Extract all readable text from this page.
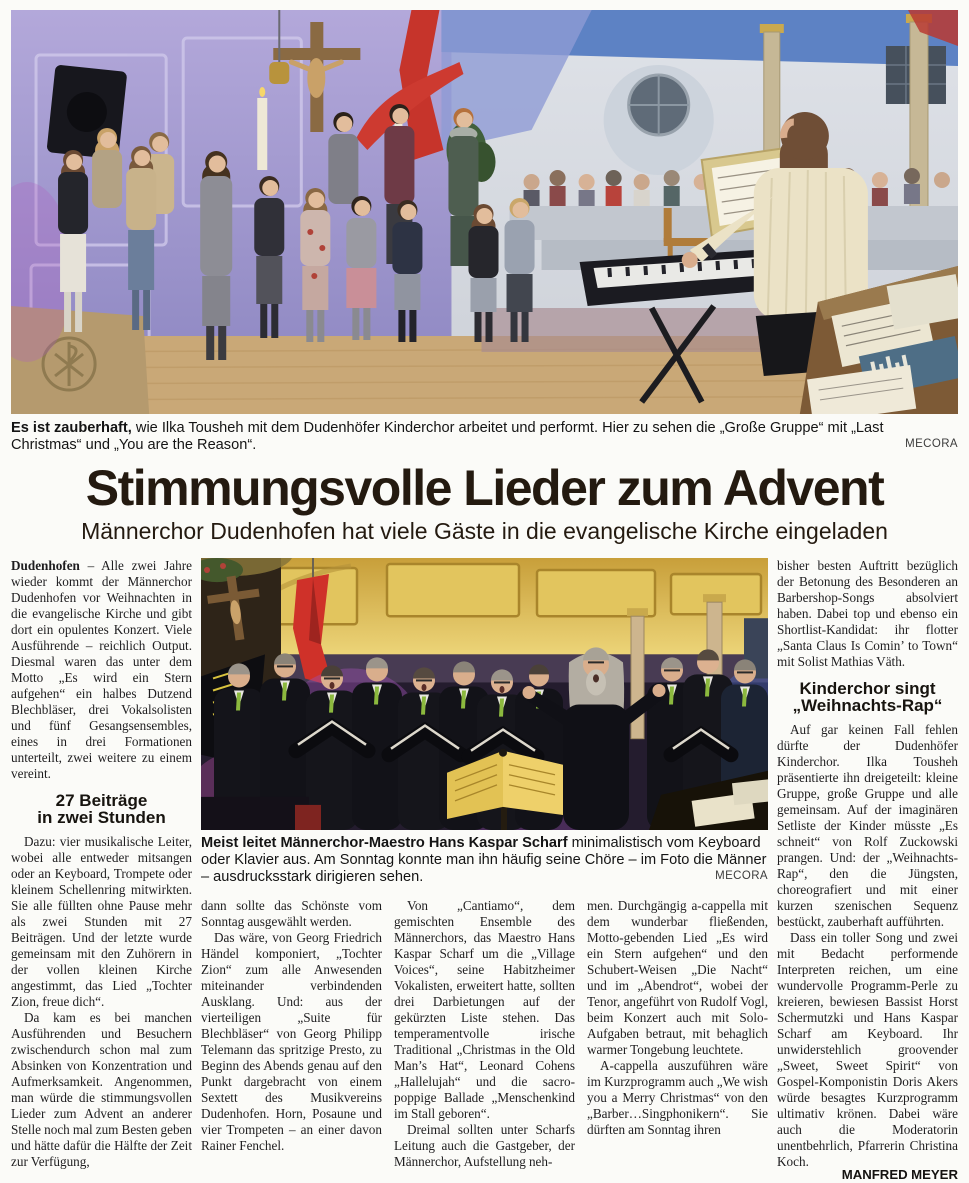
Es ist zauberhaft, wie Ilka Tousheh mit dem Dudenhöfer Kinderchor arbeitet und performt. Hier zu sehen die „Große Gruppe“ mit „Last Christmas“ und „You are the Reason“.	MECORA
Stimmungsvolle Lieder zum Advent
Männerchor Dudenhofen hat viele Gäste in die evangelische Kirche eingeladen

Dudenhofen – Alle zwei Jahre wieder kommt der Männerchor Dudenhofen vor Weihnachten in die evangelische Kirche und gibt dort ein opulentes Konzert. Viele Ausführende – reichlich Output. Diesmal waren das unter dem Motto „Es wird ein Stern aufgehen“ ein halbes Dutzend Blechbläser, drei Vokalsolisten und fünf Gesangsensembles, eines in drei Formationen unterteilt, zwei weitere zu einem vereint.

27 Beiträge
in zwei Stunden

Dazu: vier musikalische Leiter, wobei alle entweder mitsangen oder an Keyboard, Trompete oder kleinem Schellenring mitwirkten. Sie alle füllten ohne Pause mehr als zwei Stunden mit 27 Beiträgen. Und der letzte wurde gemeinsam mit den Zuhörern in der vollen kleinen Kirche angestimmt, das Lied „Tochter Zion, freue dich“.

Da kam es bei manchen Ausführenden und Besuchern zwischendurch schon mal zum Absinken von Konzentration und Aufmerksamkeit. Angenommen, man würde die stimmungsvollen Lieder zum Advent an anderer Stelle noch mal zum Besten geben und hätte dafür die Hälfte der Zeit zur Verfügung,

Meist leitet Männerchor-Maestro Hans Kaspar Scharf minimalistisch vom Keyboard oder Klavier aus. Am Sonntag konnte man ihn häufig seine Chöre – im Foto die Männer – ausdrucksstark dirigieren sehen.	MECORA

dann sollte das Schönste vom Sonntag ausgewählt werden.

Das wäre, von Georg Friedrich Händel komponiert, „Tochter Zion“ zum alle Anwesenden miteinander verbindenden Ausklang. Und: aus der vierteiligen „Suite für Blechbläser“ von Georg Philipp Telemann das spritzige Presto, zu Beginn des Abends genau auf den Punkt dargebracht von einem Sextett des Musikvereins Dudenhofen. Horn, Posaune und vier Trompeten – an einer davon Rainer Fenchel.

Von „Cantiamo“, dem gemischten Ensemble des Männerchors, das Maestro Hans Kaspar Scharf um die „Village Voices“, seine Habitzheimer Vokalisten, erweitert hatte, sollten drei Darbietungen auf der gekürzten Liste stehen. Das temperamentvolle irische Traditional „Christmas in the Old Man’s Hat“, Leonard Cohens „Hallelujah“ und die sacro-poppige Ballade „Menschenkind im Stall geboren“.

Dreimal sollten unter Scharfs Leitung auch die Gastgeber, der Männerchor, Aufstellung neh-

men. Durchgängig a-cappella mit dem wunderbar fließenden, Motto-gebenden Lied „Es wird ein Stern aufgehen“ und den Schubert-Weisen „Die Nacht“ und im „Abendrot“, wobei der Tenor, angeführt von Rudolf Vogl, beim Konzert auch mit Solo-Aufgaben betraut, mit behaglich warmer Tongebung leuchtete.

A-cappella auszuführen wäre im Kurzprogramm auch „We wish you a Merry Christmas“ von den „Barber…Singphonikern“. Sie dürften am Sonntag ihren

bisher besten Auftritt bezüglich der Betonung des Besonderen an Barbershop-Songs absolviert haben. Dabei top und ebenso ein Shortlist-Kandidat: ihr flotter „Santa Claus Is Comin’ to Town“ mit Solist Mathias Väth.

Kinderchor singt
„Weihnachts-Rap“

Auf gar keinen Fall fehlen dürfte der Dudenhöfer Kinderchor. Ilka Tousheh präsentierte ihn dreigeteilt: kleine Gruppe, große Gruppe und alle gemeinsam. Auf der imaginären Setliste der Kinder müsste „Es schneit“ von Rolf Zuckowski prangen. Und: der „Weihnachts-Rap“, den die Jüngsten, choreografiert und mit einer kurzen szenischen Sequenz bestückt, zauberhaft aufführten.

Dass ein toller Song und zwei mit Bedacht performende Interpreten reichen, um eine wundervolle Programm-Perle zu kreieren, bewiesen Bassist Horst Schermutzki und Hans Kaspar Scharf am Keyboard. Ihr unwiderstehlich groovender „Sweet, Sweet Spirit“ von Gospel-Komponistin Doris Akers würde besagtes Kurzprogramm ultimativ krönen. Dabei wäre auch die Moderatorin unentbehrlich, Pfarrerin Christina Koch.

MANFRED MEYER
